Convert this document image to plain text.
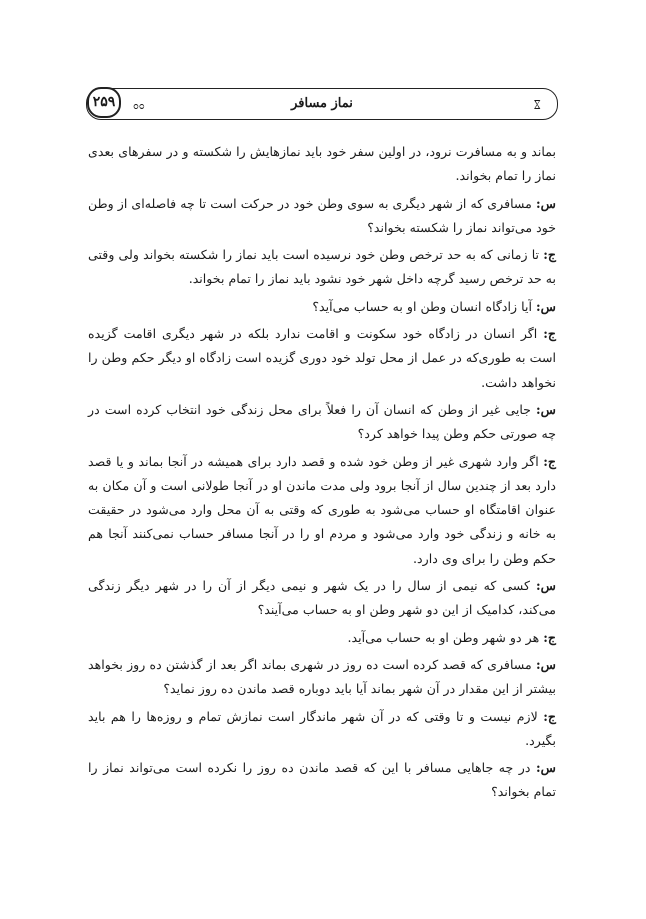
ೲ	نماز مسافر	ೱ
۲۵۹

بماند و به مسافرت نرود، در اولین سفر خود باید نمازهایش را شکسته و در سفرهای بعدی نماز را تمام بخواند.

س: مسافری که از شهر دیگری به سوی وطن خود در حرکت است تا چه فاصله‌ای از وطن خود می‌تواند نماز را شکسته بخواند؟

ج: تا زمانی که به حد ترخص وطن خود نرسیده است باید نماز را شکسته بخواند ولی وقتی به حد ترخص رسید گرچه داخل شهر خود نشود باید نماز را تمام بخواند.

س: آیا زادگاه انسان وطن او به حساب می‌آید؟

ج: اگر انسان در زادگاه خود سکونت و اقامت ندارد بلکه در شهر دیگری اقامت گزیده است به طوری‌که در عمل از محل تولد خود دوری گزیده است زادگاه او دیگر حکم وطن را نخواهد داشت.

س: جایی غیر از وطن که انسان آن را فعلاً برای محل زندگی خود انتخاب کرده است در چه صورتی حکم وطن پیدا خواهد کرد؟

ج: اگر وارد شهری غیر از وطن خود شده و قصد دارد برای همیشه در آنجا بماند و یا قصد دارد بعد از چندین سال از آنجا برود ولی مدت ماندن او در آنجا طولانی است و آن مکان به عنوان اقامتگاه او حساب می‌شود به طوری که وقتی به آن محل وارد می‌شود در حقیقت به خانه و زندگی خود وارد می‌شود و مردم او را در آنجا مسافر حساب نمی‌کنند آنجا هم حکم وطن را برای وی دارد.

س: کسی که نیمی از سال را در یک شهر و نیمی دیگر از آن را در شهر دیگر زندگی می‌کند، کدامیک از این دو شهر وطن او به حساب می‌آیند؟

ج: هر دو شهر وطن او به حساب می‌آید.

س: مسافری که قصد کرده است ده روز در شهری بماند اگر بعد از گذشتن ده روز بخواهد بیشتر از این مقدار در آن شهر بماند آیا باید دوباره قصد ماندن ده روز نماید؟

ج: لازم نیست و تا وقتی که در آن شهر ماندگار است نمازش تمام و روزه‌ها را هم باید بگیرد.

س: در چه جاهایی مسافر با این که قصد ماندن ده روز را نکرده است می‌تواند نماز را تمام بخواند؟
